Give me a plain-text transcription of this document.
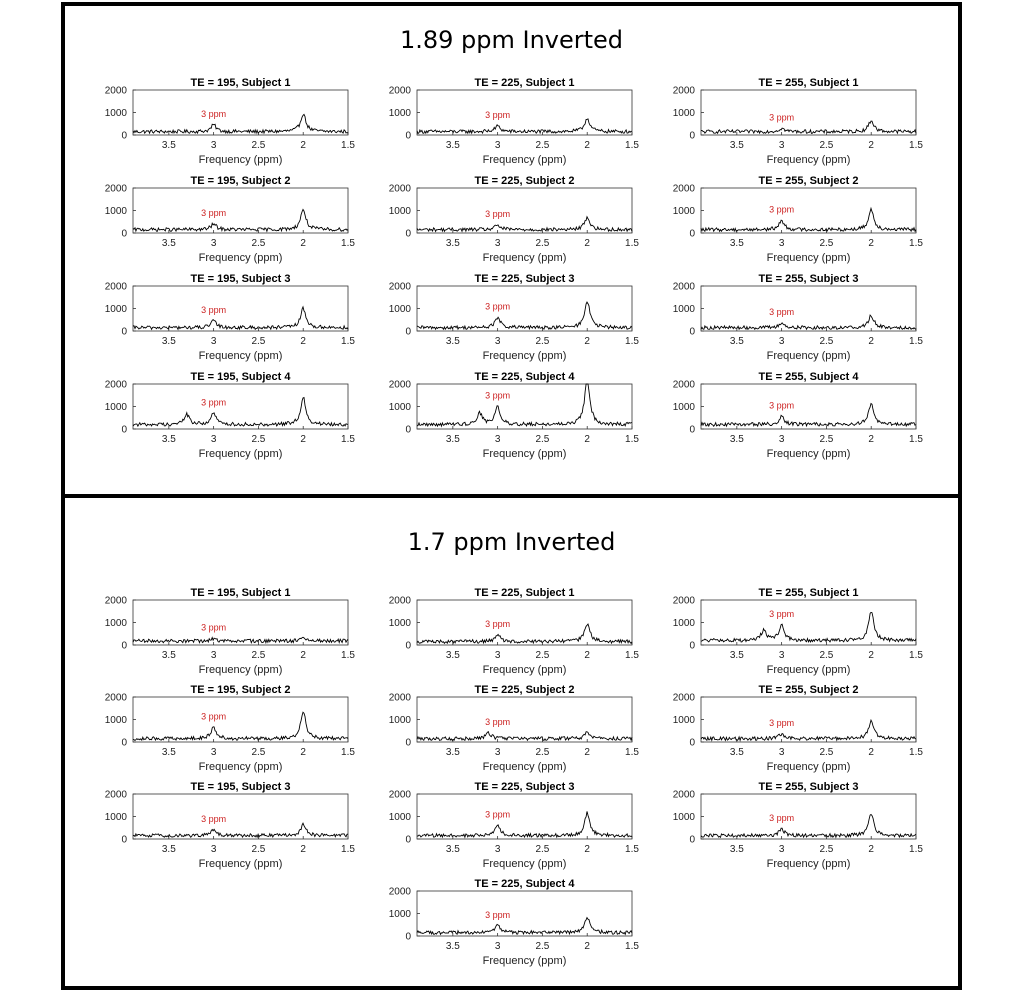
1.89 ppm Inverted
1.7 ppm Inverted
TE = 195, Subject 1
0
1000
2000
3.5	3	2.5	2	1.5
Frequency (ppm)
3 ppm
TE = 225, Subject 1
0
1000
2000
3.5	3	2.5	2	1.5
Frequency (ppm)
3 ppm
TE = 255, Subject 1
0
1000
2000
3.5	3	2.5	2	1.5
Frequency (ppm)
3 ppm
TE = 195, Subject 2
0
1000
2000
3.5	3	2.5	2	1.5
Frequency (ppm)
3 ppm
TE = 225, Subject 2
0
1000
2000
3.5	3	2.5	2	1.5
Frequency (ppm)
3 ppm
TE = 255, Subject 2
0
1000
2000
3.5	3	2.5	2	1.5
Frequency (ppm)
3 ppm
TE = 195, Subject 3
0
1000
2000
3.5	3	2.5	2	1.5
Frequency (ppm)
3 ppm
TE = 225, Subject 3
0
1000
2000
3.5	3	2.5	2	1.5
Frequency (ppm)
3 ppm
TE = 255, Subject 3
0
1000
2000
3.5	3	2.5	2	1.5
Frequency (ppm)
3 ppm
TE = 195, Subject 4
0
1000
2000
3.5	3	2.5	2	1.5
Frequency (ppm)
3 ppm
TE = 225, Subject 4
0
1000
2000
3.5	3	2.5	2	1.5
Frequency (ppm)
3 ppm
TE = 255, Subject 4
0
1000
2000
3.5	3	2.5	2	1.5
Frequency (ppm)
3 ppm
TE = 195, Subject 1
0
1000
2000
3.5	3	2.5	2	1.5
Frequency (ppm)
3 ppm
TE = 225, Subject 1
0
1000
2000
3.5	3	2.5	2	1.5
Frequency (ppm)
3 ppm
TE = 255, Subject 1
0
1000
2000
3.5	3	2.5	2	1.5
Frequency (ppm)
3 ppm
TE = 195, Subject 2
0
1000
2000
3.5	3	2.5	2	1.5
Frequency (ppm)
3 ppm
TE = 225, Subject 2
0
1000
2000
3.5	3	2.5	2	1.5
Frequency (ppm)
3 ppm
TE = 255, Subject 2
0
1000
2000
3.5	3	2.5	2	1.5
Frequency (ppm)
3 ppm
TE = 195, Subject 3
0
1000
2000
3.5	3	2.5	2	1.5
Frequency (ppm)
3 ppm
TE = 225, Subject 3
0
1000
2000
3.5	3	2.5	2	1.5
Frequency (ppm)
3 ppm
TE = 255, Subject 3
0
1000
2000
3.5	3	2.5	2	1.5
Frequency (ppm)
3 ppm
TE = 225, Subject 4
0
1000
2000
3.5	3	2.5	2	1.5
Frequency (ppm)
3 ppm
